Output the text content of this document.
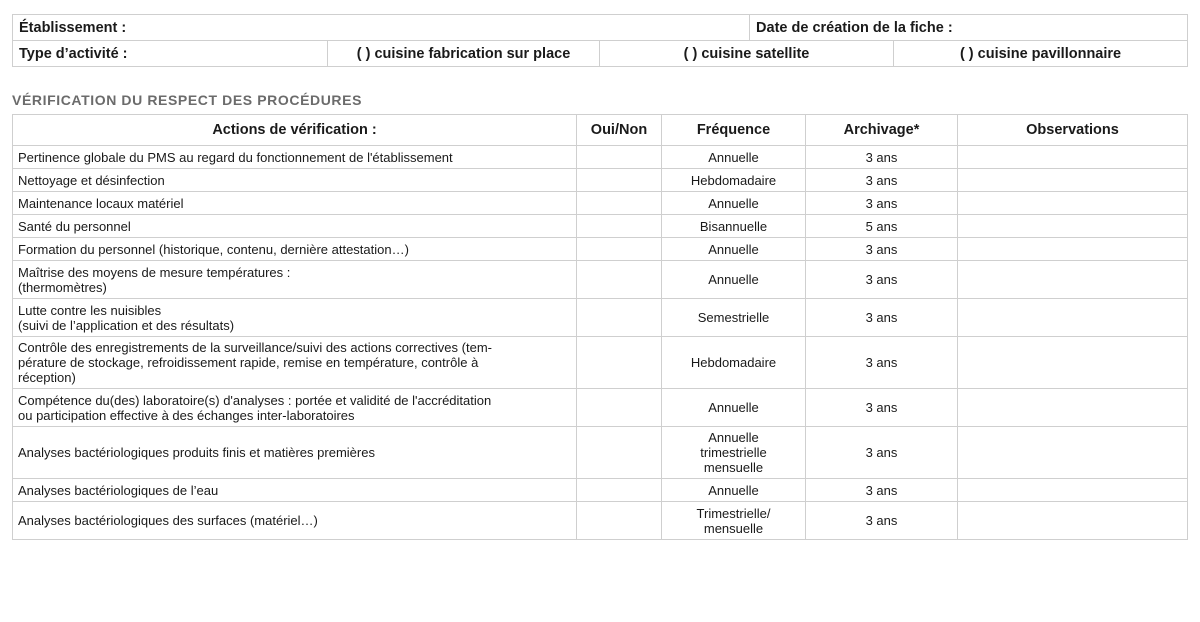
Établissement :			Date de création de la fiche :	
Type d’activité :	( ) cuisine fabrication sur place	( ) cuisine satellite		( ) cuisine pavillonnaire
VÉRIFICATION DU RESPECT DES PROCÉDURES
Actions de vérification :	Oui/Non	Fréquence	Archivage*	Observations
Pertinence globale du PMS au regard du fonctionnement de l'établissement		Annuelle	3 ans	
Nettoyage et désinfection		Hebdomadaire	3 ans	
Maintenance locaux matériel		Annuelle	3 ans	
Santé du personnel		Bisannuelle	5 ans	
Formation du personnel (historique, contenu, dernière attestation…)		Annuelle	3 ans	
Maîtrise des moyens de mesure températures :
(thermomètres)		Annuelle	3 ans	
Lutte contre les nuisibles
(suivi de l’application et des résultats)		Semestrielle	3 ans	
Contrôle des enregistrements de la surveillance/suivi des actions correctives (tem-
pérature de stockage, refroidissement rapide, remise en température, contrôle à
réception)		Hebdomadaire	3 ans	
Compétence du(des) laboratoire(s) d'analyses : portée et validité de l'accréditation
ou participation effective à des échanges inter-laboratoires		Annuelle	3 ans	
Analyses bactériologiques produits finis et matières premières		Annuelle
trimestrielle
mensuelle	3 ans	
Analyses bactériologiques de l’eau		Annuelle	3 ans	
Analyses bactériologiques des surfaces (matériel…)		Trimestrielle/
mensuelle	3 ans	
